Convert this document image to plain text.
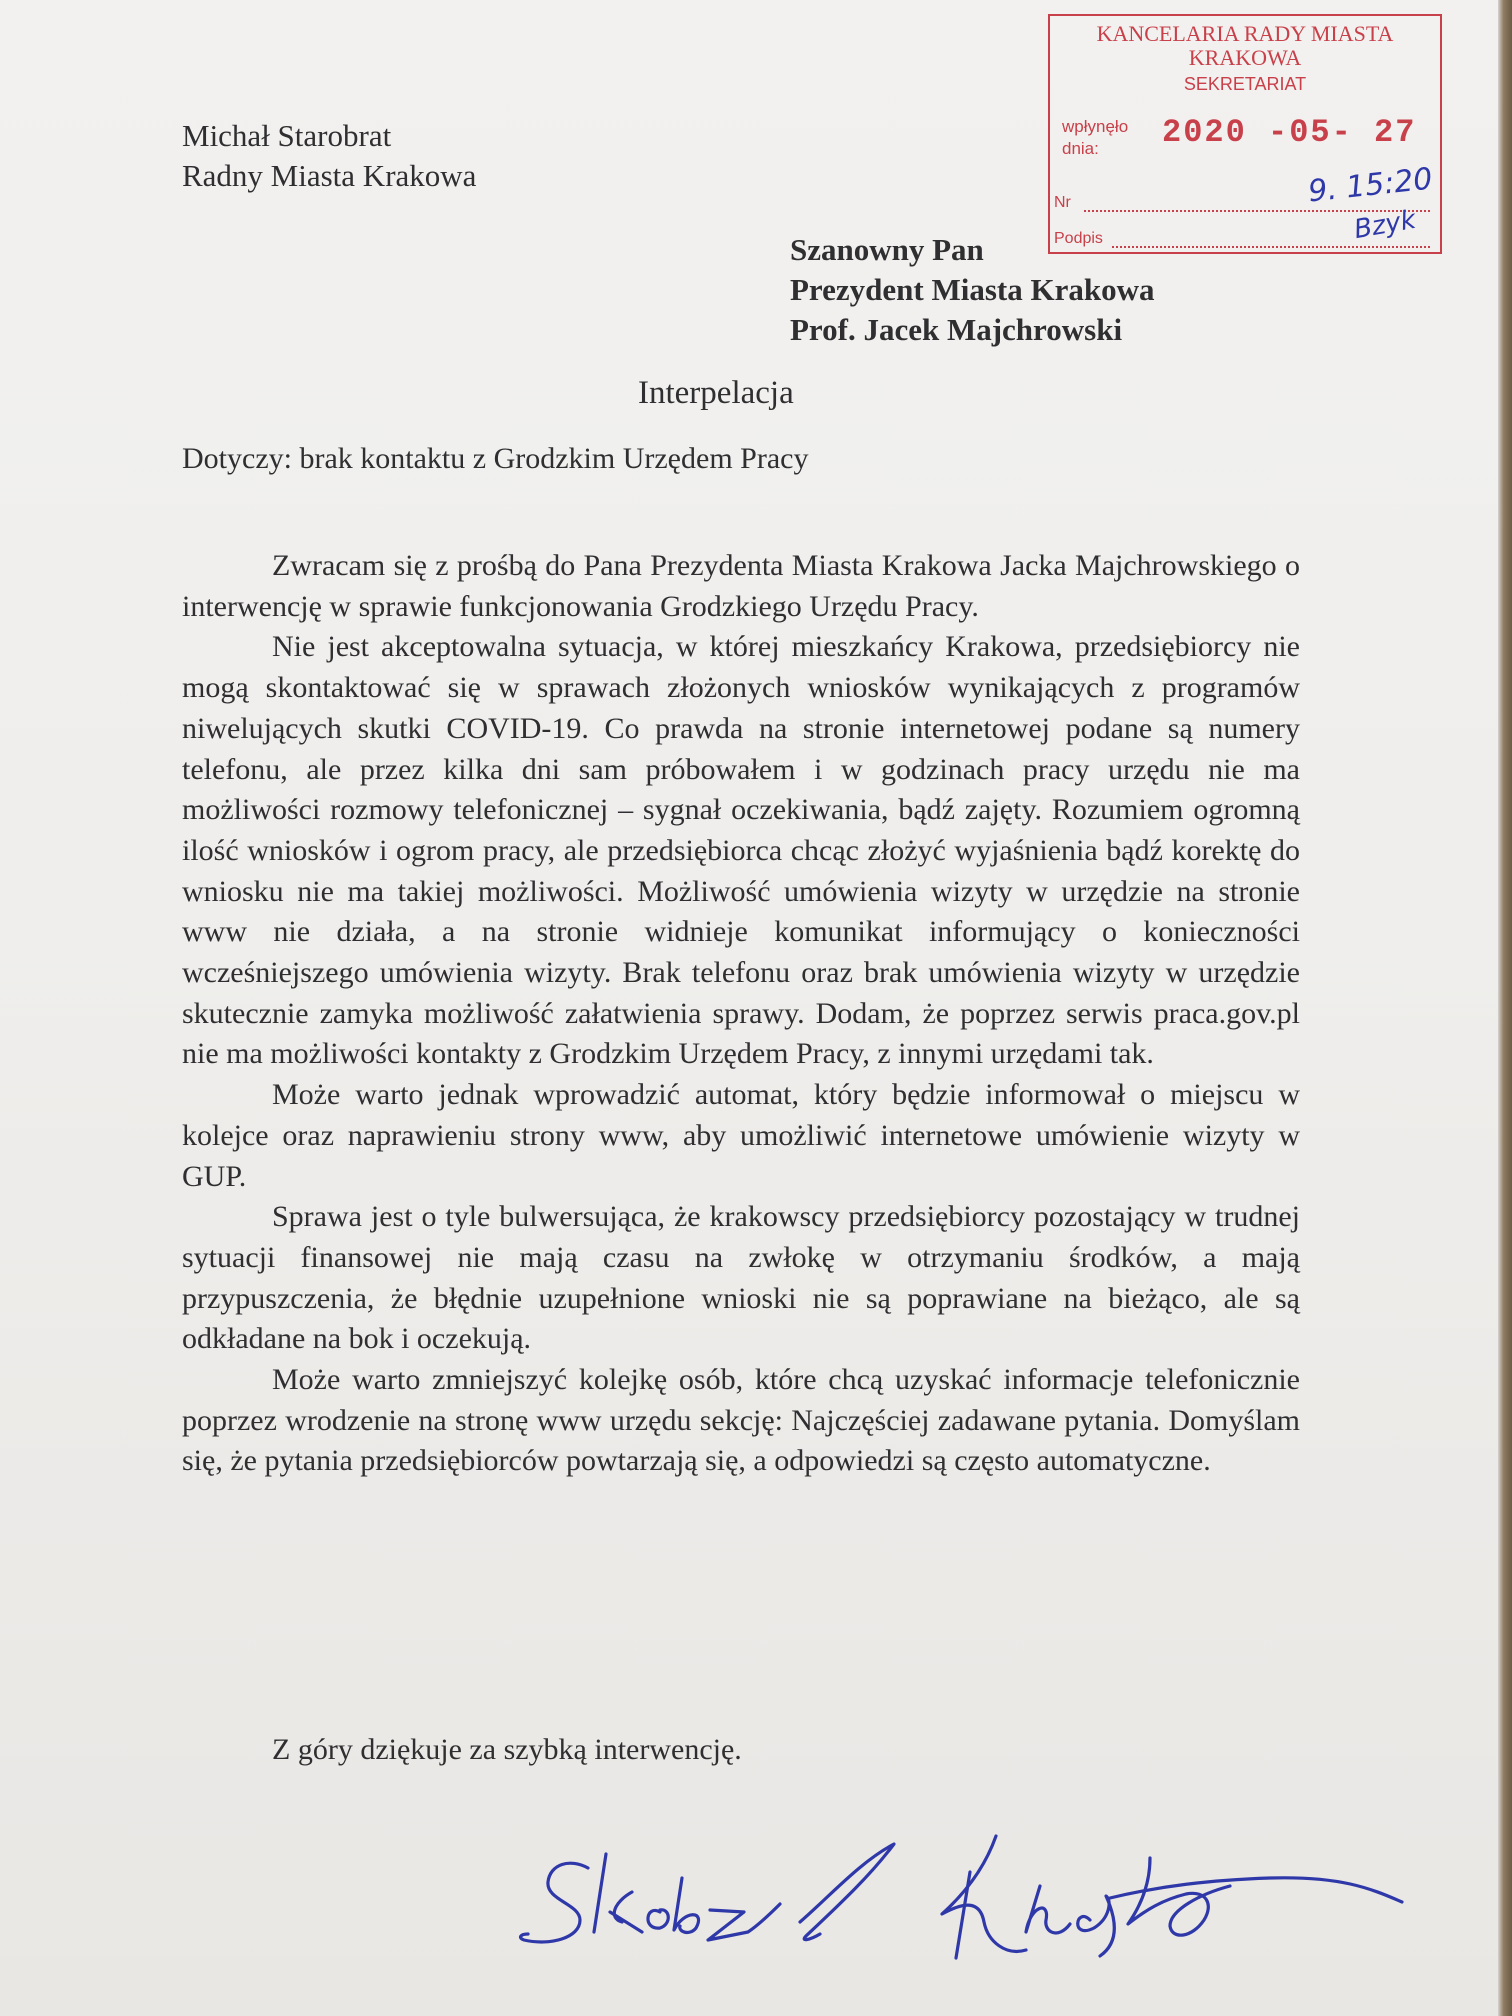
Michał Starobrat
Radny Miasta Krakowa
KANCELARIA RADY MIASTA
KRAKOWA
SEKRETARIAT
wpłynęło
dnia:	2020 -05- 27
Nr	9. 15:20
Podpis	Bzyk
Szanowny Pan
Prezydent Miasta Krakowa
Prof. Jacek Majchrowski
Interpelacja
Dotyczy: brak kontaktu z Grodzkim Urzędem Pracy

Zwracam się z prośbą do Pana Prezydenta Miasta Krakowa Jacka Majchrowskiego o interwencję w sprawie funkcjonowania Grodzkiego Urzędu Pracy.

Nie jest akceptowalna sytuacja, w której mieszkańcy Krakowa, przedsiębiorcy nie mogą skontaktować się w sprawach złożonych wniosków wynikających z programów niwelujących skutki COVID-19. Co prawda na stronie internetowej podane są numery telefonu, ale przez kilka dni sam próbowałem i w godzinach pracy urzędu nie ma możliwości rozmowy telefonicznej – sygnał oczekiwania, bądź zajęty. Rozumiem ogromną ilość wniosków i ogrom pracy, ale przedsiębiorca chcąc złożyć wyjaśnienia bądź korektę do wniosku nie ma takiej możliwości. Możliwość umówienia wizyty w urzędzie na stronie www nie działa, a na stronie widnieje komunikat informujący o konieczności wcześniejszego umówienia wizyty. Brak telefonu oraz brak umówienia wizyty w urzędzie skutecznie zamyka możliwość załatwienia sprawy. Dodam, że poprzez serwis praca.gov.pl nie ma możliwości kontakty z Grodzkim Urzędem Pracy, z innymi urzędami tak.

Może warto jednak wprowadzić automat, który będzie informował o miejscu w kolejce oraz naprawieniu strony www, aby umożliwić internetowe umówienie wizyty w GUP.

Sprawa jest o tyle bulwersująca, że krakowscy przedsiębiorcy pozostający w trudnej sytuacji finansowej nie mają czasu na zwłokę w otrzymaniu środków, a mają przypuszczenia, że błędnie uzupełnione wnioski nie są poprawiane na bieżąco, ale są odkładane na bok i oczekują.

Może warto zmniejszyć kolejkę osób, które chcą uzyskać informacje telefonicznie poprzez wrodzenie na stronę www urzędu sekcję: Najczęściej zadawane pytania. Domyślam się, że pytania przedsiębiorców powtarzają się, a odpowiedzi są często automatyczne.

Z góry dziękuje za szybką interwencję.
